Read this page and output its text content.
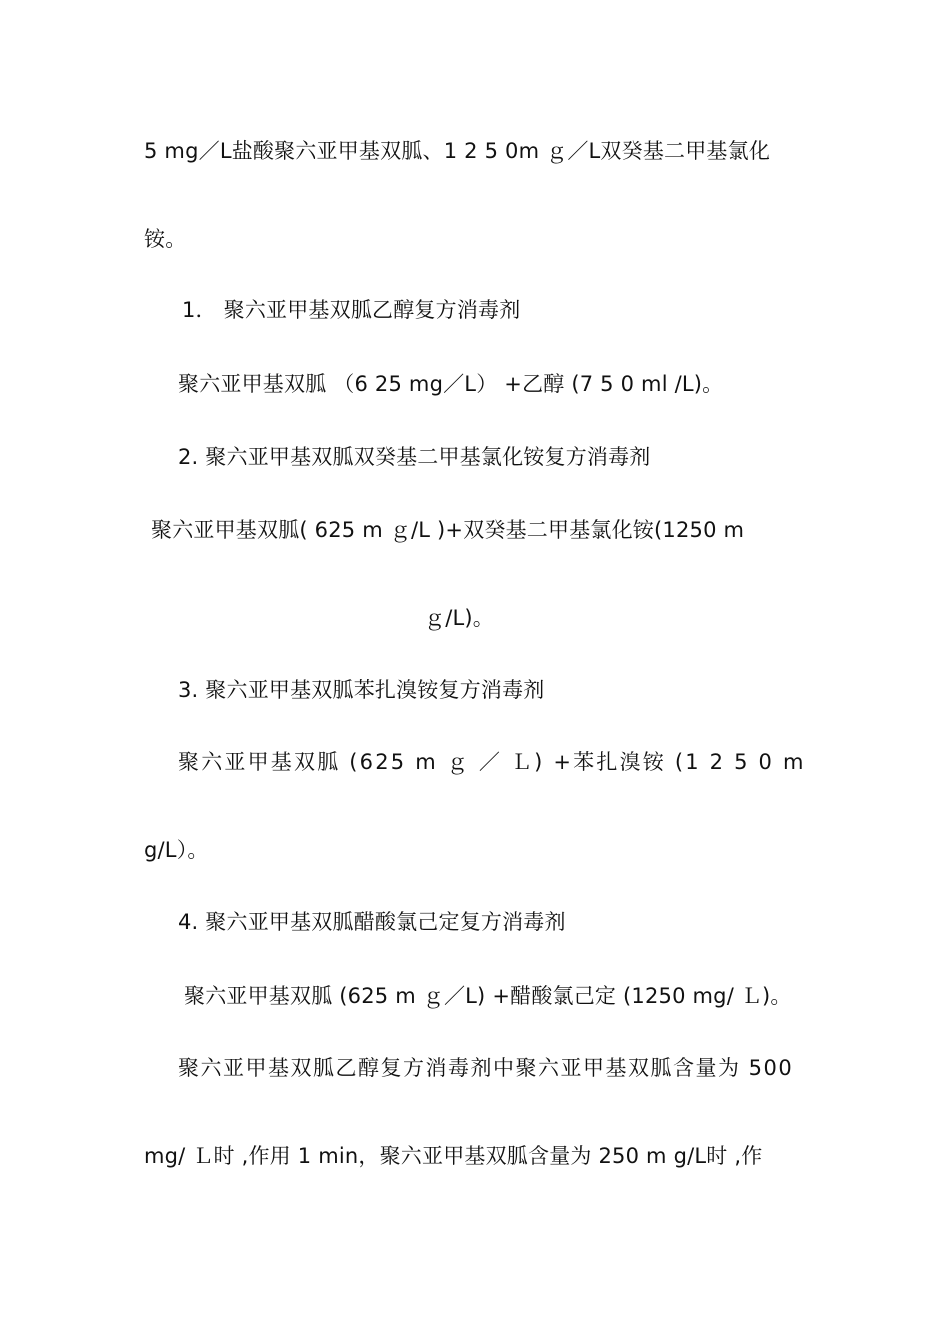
5 mg／L盐酸聚六亚甲基双胍、1 2 5 0m ｇ／L双癸基二甲基氯化
铵。
1． 聚六亚甲基双胍乙醇复方消毒剂
聚六亚甲基双胍 （6 25 mg／L） +乙醇 (7 5 0 ml /L)。
2. 聚六亚甲基双胍双癸基二甲基氯化铵复方消毒剂
聚六亚甲基双胍( 625 m ｇ/L )+双癸基二甲基氯化铵(1250 m
ｇ/L)。
3. 聚六亚甲基双胍苯扎溴铵复方消毒剂
聚六亚甲基双胍 (625 m ｇ ／ Ｌ) +苯扎溴铵 (1 2 5 0 m
g/L）。
4. 聚六亚甲基双胍醋酸氯己定复方消毒剂
聚六亚甲基双胍 (625 m ｇ／L) +醋酸氯己定 (1250 mg/ Ｌ)。
聚六亚甲基双胍乙醇复方消毒剂中聚六亚甲基双胍含量为 500
mg/ Ｌ时 ,作用 1 min，聚六亚甲基双胍含量为 250 m g/L时 ,作
